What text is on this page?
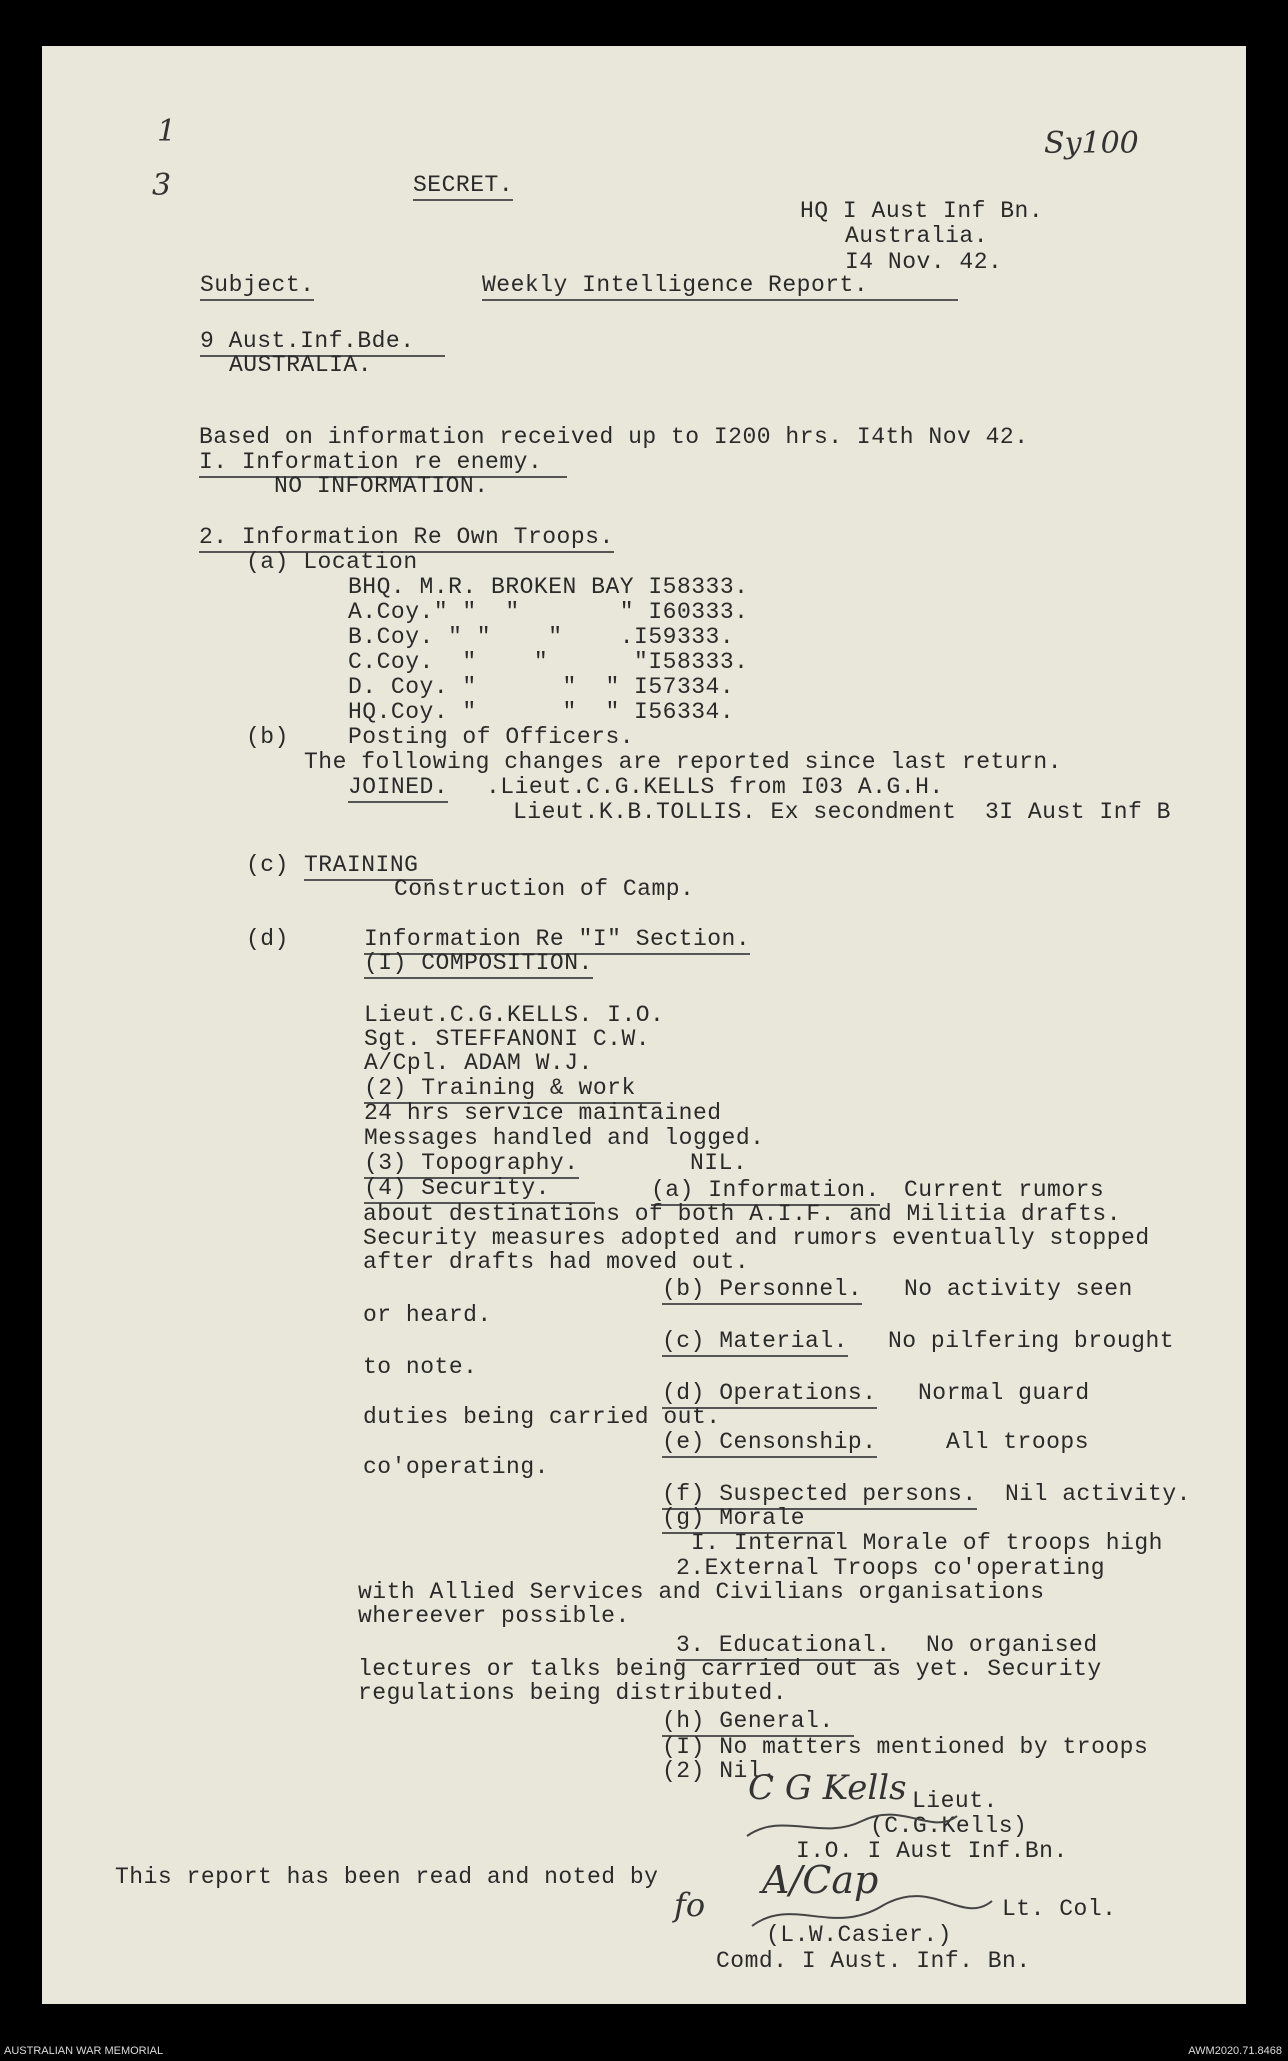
1
3
Sy100
SECRET.
HQ I Aust Inf Bn.
Australia.
I4 Nov. 42.
Subject.	Weekly Intelligence Report.
9 Aust.Inf.Bde.
AUSTRALIA.
Based on information received up to I200 hrs. I4th Nov 42.
I. Information re enemy.
NO INFORMATION.
2. Information Re Own Troops.
(a) Location
BHQ. M.R. BROKEN BAY I58333.
A.Coy." "  "       " I60333.
B.Coy. " "    "    .I59333.
C.Coy.  "    "      "I58333.
D. Coy. "      "  " I57334.
HQ.Coy. "      "  " I56334.
(b)	Posting of Officers.
The following changes are reported since last return.
JOINED. .Lieut.C.G.KELLS from I03 A.G.H.
Lieut.K.B.TOLLIS. Ex secondment  3I Aust Inf B
(c) TRAINING
Construction of Camp.
(d)	Information Re "I" Section.
(I) COMPOSITION.
Lieut.C.G.KELLS. I.O.
Sgt. STEFFANONI C.W.
A/Cpl. ADAM W.J.
(2) Training & work
24 hrs service maintained
Messages handled and logged.
(3) Topography.	NIL.
(4) Security.	(a) Information. Current rumors
about destinations of both A.I.F. and Militia drafts.
Security measures adopted and rumors eventually stopped
after drafts had moved out.
(b) Personnel. No activity seen
or heard.
(c) Material. No pilfering brought
to note.
(d) Operations. Normal guard
duties being carried out.
(e) Censonship.	All troops
co'operating.
(f) Suspected persons. Nil activity.
(g) Morale
I. Internal Morale of troops high
2.External Troops co'operating
with Allied Services and Civilians organisations
whereever possible.
3. Educational. No organised
lectures or talks being carried out as yet. Security
regulations being distributed.
(h) General.
(I) No matters mentioned by troops
(2) Nil.
C G Kells Lieut.
(C.G.Kells)
I.O. I Aust Inf.Bn.
This report has been read and noted by
fo
A/Cap
Lt. Col.
(L.W.Casier.)
Comd. I Aust. Inf. Bn.
AUSTRALIAN WAR MEMORIAL	AWM2020.71.8468
